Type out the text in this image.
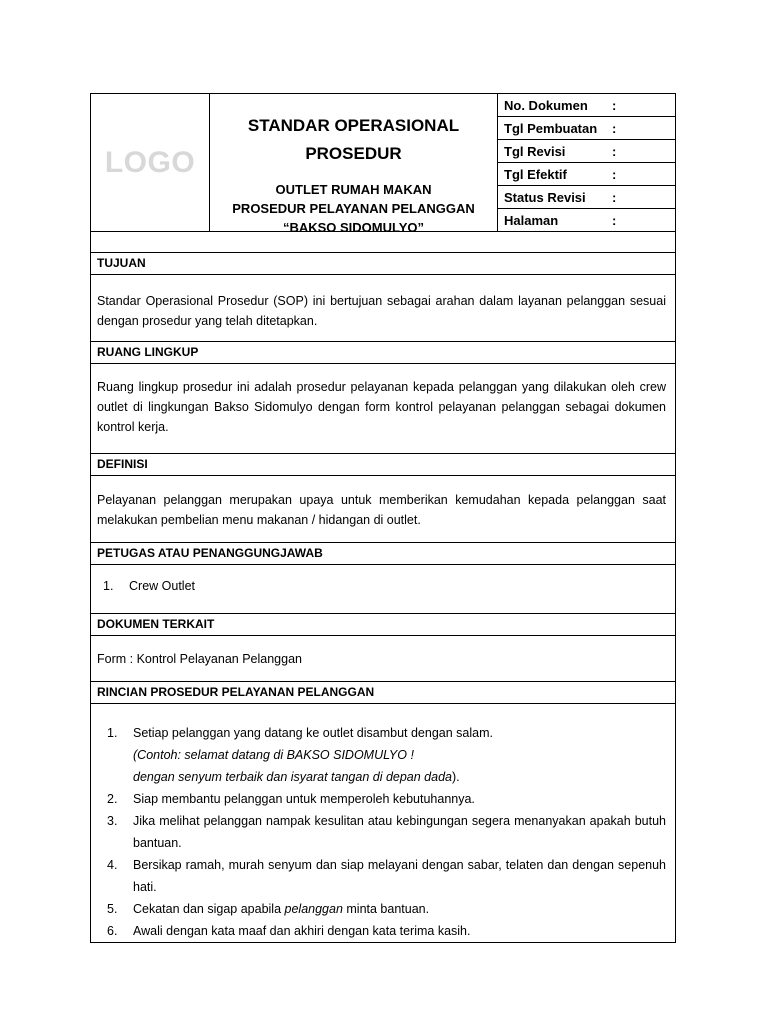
LOGO
STANDAR OPERASIONAL
PROSEDUR
OUTLET RUMAH MAKAN
PROSEDUR PELAYANAN PELANGGAN
“BAKSO SIDOMULYO”
No. Dokumen	:
Tgl Pembuatan	:
Tgl Revisi	:
Tgl Efektif	:
Status Revisi	:
Halaman	:
TUJUAN
Standar Operasional Prosedur (SOP) ini bertujuan sebagai arahan dalam layanan pelanggan sesuai dengan prosedur yang telah ditetapkan.
RUANG LINGKUP
Ruang lingkup prosedur ini adalah prosedur pelayanan kepada pelanggan yang dilakukan oleh crew outlet di lingkungan Bakso Sidomulyo dengan form kontrol pelayanan pelanggan sebagai dokumen kontrol kerja.
DEFINISI
Pelayanan pelanggan merupakan upaya untuk memberikan kemudahan kepada pelanggan saat melakukan pembelian menu makanan / hidangan di outlet.
PETUGAS ATAU PENANGGUNGJAWAB
1. Crew Outlet
DOKUMEN TERKAIT
Form : Kontrol Pelayanan Pelanggan
RINCIAN PROSEDUR PELAYANAN PELANGGAN
1.	Setiap pelanggan yang datang ke outlet disambut dengan salam.
(Contoh: selamat datang di BAKSO SIDOMULYO !
dengan senyum terbaik dan isyarat tangan di depan dada).
2.	Siap membantu pelanggan untuk memperoleh kebutuhannya.
3.	Jika melihat pelanggan nampak kesulitan atau kebingungan segera menanyakan apakah butuh bantuan.
4.	Bersikap ramah, murah senyum dan siap melayani dengan sabar, telaten dan dengan sepenuh hati.
5.	Cekatan dan sigap apabila pelanggan minta bantuan.
6.	Awali dengan kata maaf dan akhiri dengan kata terima kasih.
